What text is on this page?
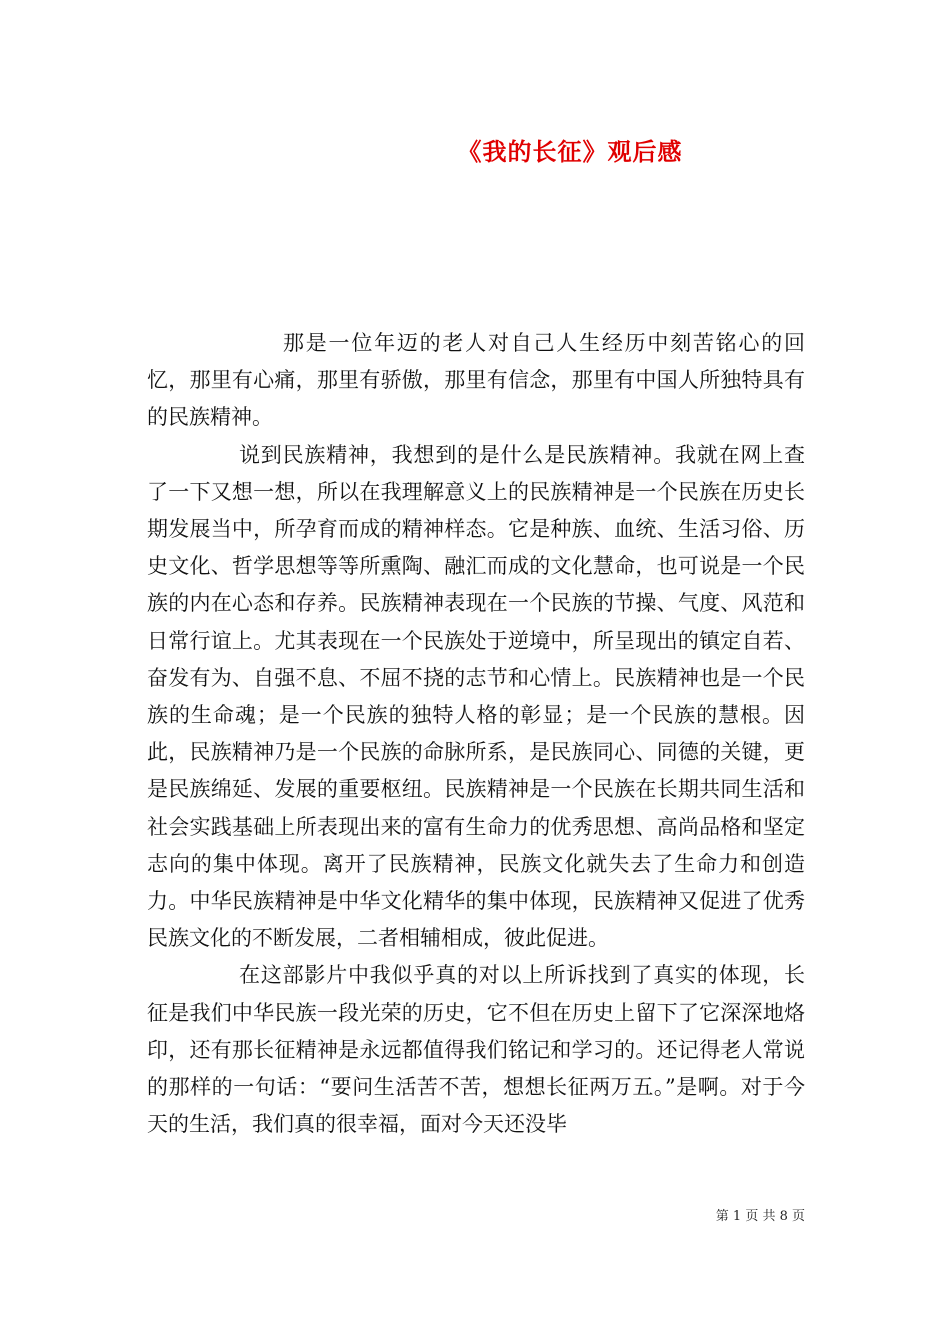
《我的长征》观后感

那是一位年迈的老人对自己人生经历中刻苦铭心的回忆，那里有心痛，那里有骄傲，那里有信念，那里有中国人所独特具有的民族精神。

说到民族精神，我想到的是什么是民族精神。我就在网上查了一下又想一想，所以在我理解意义上的民族精神是一个民族在历史长期发展当中，所孕育而成的精神样态。它是种族、血统、生活习俗、历史文化、哲学思想等等所熏陶、融汇而成的文化慧命，也可说是一个民族的内在心态和存养。民族精神表现在一个民族的节操、气度、风范和日常行谊上。尤其表现在一个民族处于逆境中，所呈现出的镇定自若、奋发有为、自强不息、不屈不挠的志节和心情上。民族精神也是一个民族的生命魂；是一个民族的独特人格的彰显；是一个民族的慧根。因此，民族精神乃是一个民族的命脉所系，是民族同心、同德的关键，更是民族绵延、发展的重要枢纽。民族精神是一个民族在长期共同生活和社会实践基础上所表现出来的富有生命力的优秀思想、高尚品格和坚定志向的集中体现。离开了民族精神，民族文化就失去了生命力和创造力。中华民族精神是中华文化精华的集中体现，民族精神又促进了优秀民族文化的不断发展，二者相辅相成，彼此促进。

在这部影片中我似乎真的对以上所诉找到了真实的体现，长征是我们中华民族一段光荣的历史，它不但在历史上留下了它深深地烙印，还有那长征精神是永远都值得我们铭记和学习的。还记得老人常说的那样的一句话：“要问生活苦不苦，想想长征两万五。”是啊。对于今天的生活，我们真的很幸福，面对今天还没毕

第 1 页 共 8 页
